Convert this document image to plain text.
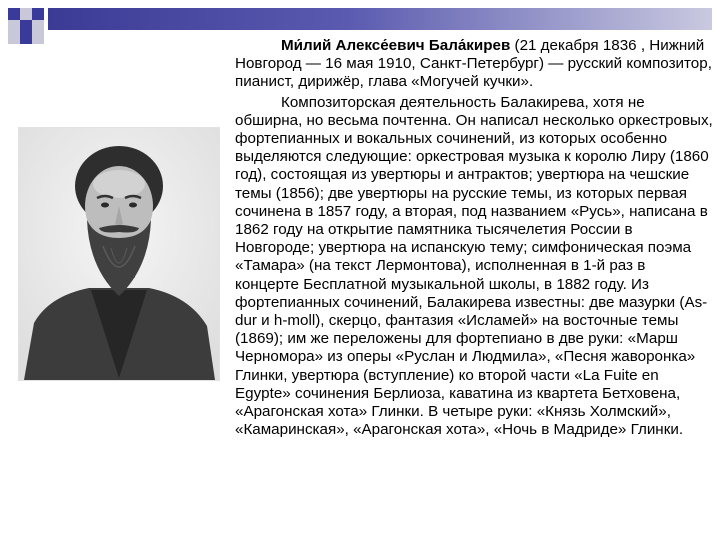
Ми́лий Алексе́евич Бала́кирев (21 декабря 1836 , Нижний Новгород — 16 мая 1910, Санкт-Петербург) — русский композитор, пианист, дирижёр, глава «Могучей кучки».

Композиторская деятельность Балакирева, хотя не обширна, но весьма почтенна. Он написал несколько оркестровых, фортепианных и вокальных сочинений, из которых особенно выделяются следующие: оркестровая музыка к королю Лиру (1860 год), состоящая из увертюры и антрактов; увертюра на чешские темы (1856); две увертюры на русские темы, из которых первая сочинена в 1857 году, а вторая, под названием «Русь», написана в 1862 году на открытие памятника тысячелетия России в Новгороде; увертюра на испанскую тему; симфоническая поэма «Тамара» (на текст Лермонтова), исполненная в 1-й раз в концерте Бесплатной музыкальной школы, в 1882 году. Из фортепианных сочинений, Балакирева известны: две мазурки (As-dur и h-moll), скерцо, фантазия «Исламей» на восточные темы (1869); им же переложены для фортепиано в две руки: «Марш Черномора» из оперы «Руслан и Людмила», «Песня жаворонка» Глинки, увертюра (вступление) ко второй части «La Fuite en Egypte» сочинения Берлиоза, каватина из квартета Бетховена, «Арагонская хота» Глинки. В четыре руки: «Князь Холмский», «Камаринская», «Арагонская хота», «Ночь в Мадриде» Глинки.
